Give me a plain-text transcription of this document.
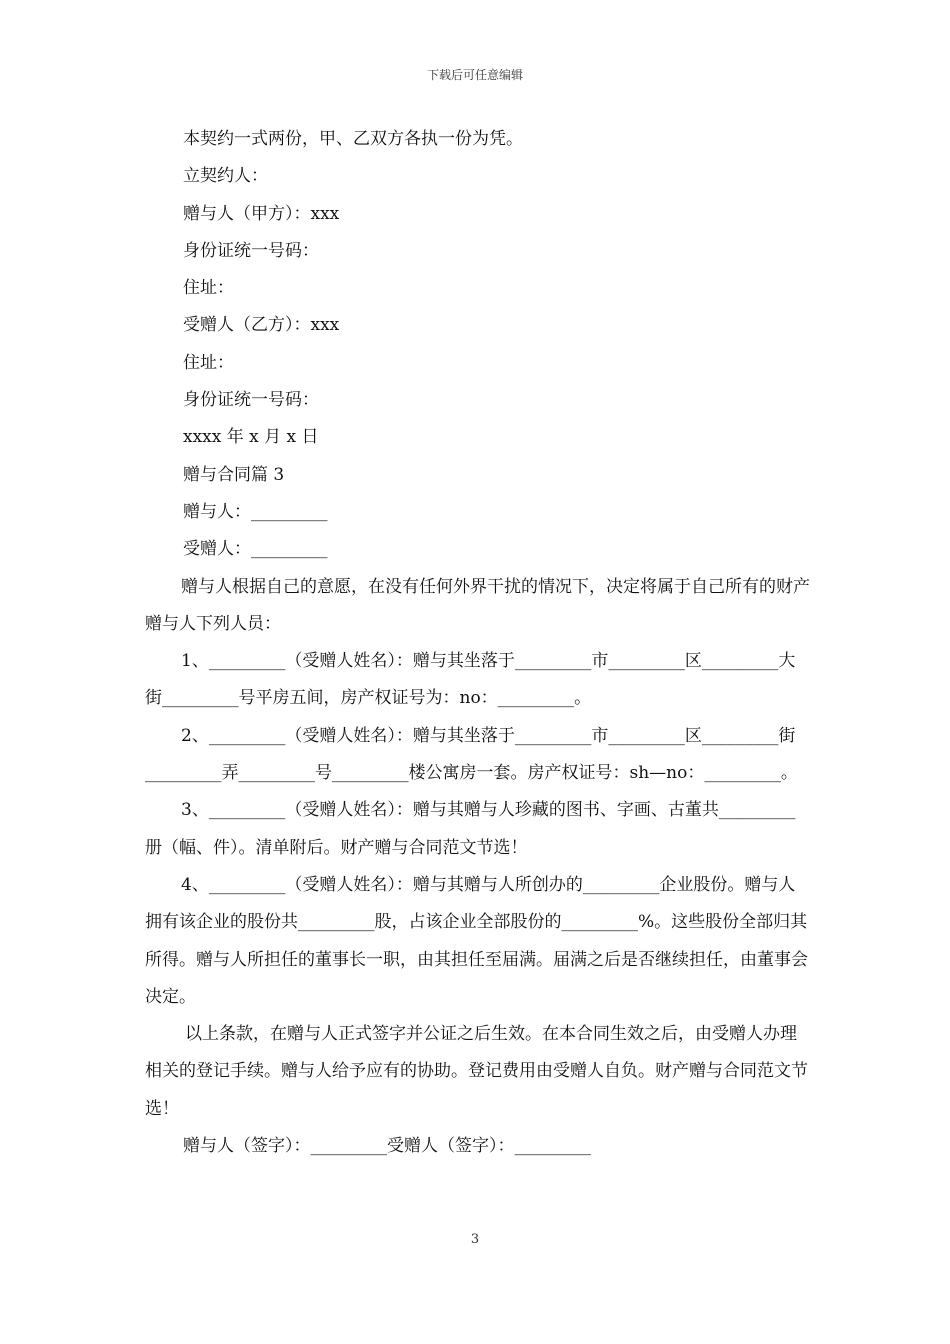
下载后可任意编辑

本契约一式两份，甲、乙双方各执一份为凭。

立契约人：

赠与人（甲方）：xxx

身份证统一号码：

住址：

受赠人（乙方）：xxx

住址：

身份证统一号码：

xxxx 年 x 月 x 日

赠与合同篇 3

赠与人：_________

受赠人：_________

赠与人根据自己的意愿，在没有任何外界干扰的情况下，决定将属于自己所有的财产赠与人下列人员：

1、_________（受赠人姓名）：赠与其坐落于_________市_________区_________大街_________号平房五间，房产权证号为：no：_________。

2、_________（受赠人姓名）：赠与其坐落于_________市_________区_________街_________弄_________号_________楼公寓房一套。房产权证号：sh—no：_________。

3、_________（受赠人姓名）：赠与其赠与人珍藏的图书、字画、古董共_________册（幅、件）。清单附后。财产赠与合同范文节选！

4、_________（受赠人姓名）：赠与其赠与人所创办的_________企业股份。赠与人拥有该企业的股份共_________股，占该企业全部股份的_________%。这些股份全部归其所得。赠与人所担任的董事长一职，由其担任至届满。届满之后是否继续担任，由董事会决定。

以上条款，在赠与人正式签字并公证之后生效。在本合同生效之后，由受赠人办理相关的登记手续。赠与人给予应有的协助。登记费用由受赠人自负。财产赠与合同范文节选！

赠与人（签字）：_________受赠人（签字）：_________

3
